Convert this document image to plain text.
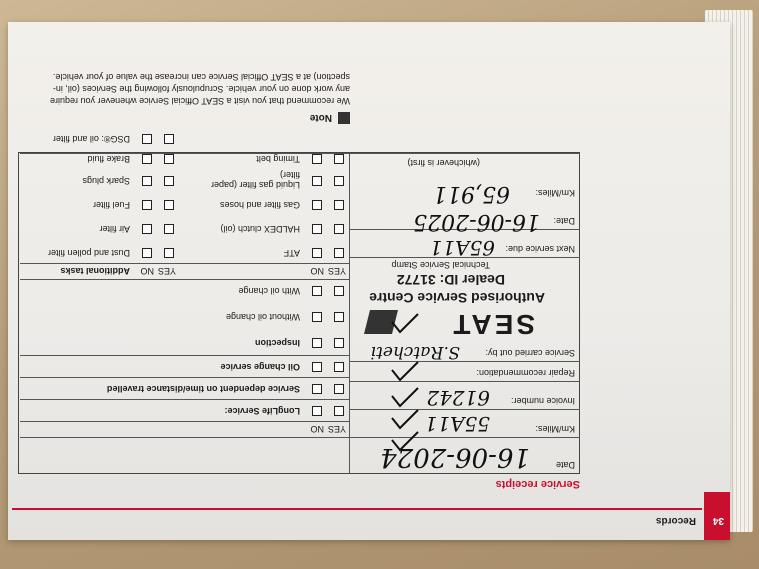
34
Records
Service receipts
Date
16-06-2024
Km/Miles:
55A11
Invoice number:
61242
Repair recommendation:
Service carried out by:
S.Ratcheti
SEAT
Authorised Service Centre
Dealer ID: 31772
Technical Service Stamp
Next service due:
65A11
Date:
16-06-2025
Km/Miles:
65,911
(whichever is first)
YES
NO
LongLife Service:
Service dependent on time/distance travelled
Oil change service
Inspection
Without oil change
With oil change
YES
NO
YES
NO
Additional tasks
ATF
Dust and pollen filter
HALDEX clutch (oil)
Air filter
Gas filter and hoses
Fuel filter
Liquid gas filter (paper
filter)
Spark plugs
Timing belt
Brake fluid
DSG®: oil and filter
Note
We recommend that you visit a SEAT Official Service whenever you require
any work done on your vehicle. Scrupulously following the Services (oil, in-
spection) at a SEAT Official Service can increase the value of your vehicle.
